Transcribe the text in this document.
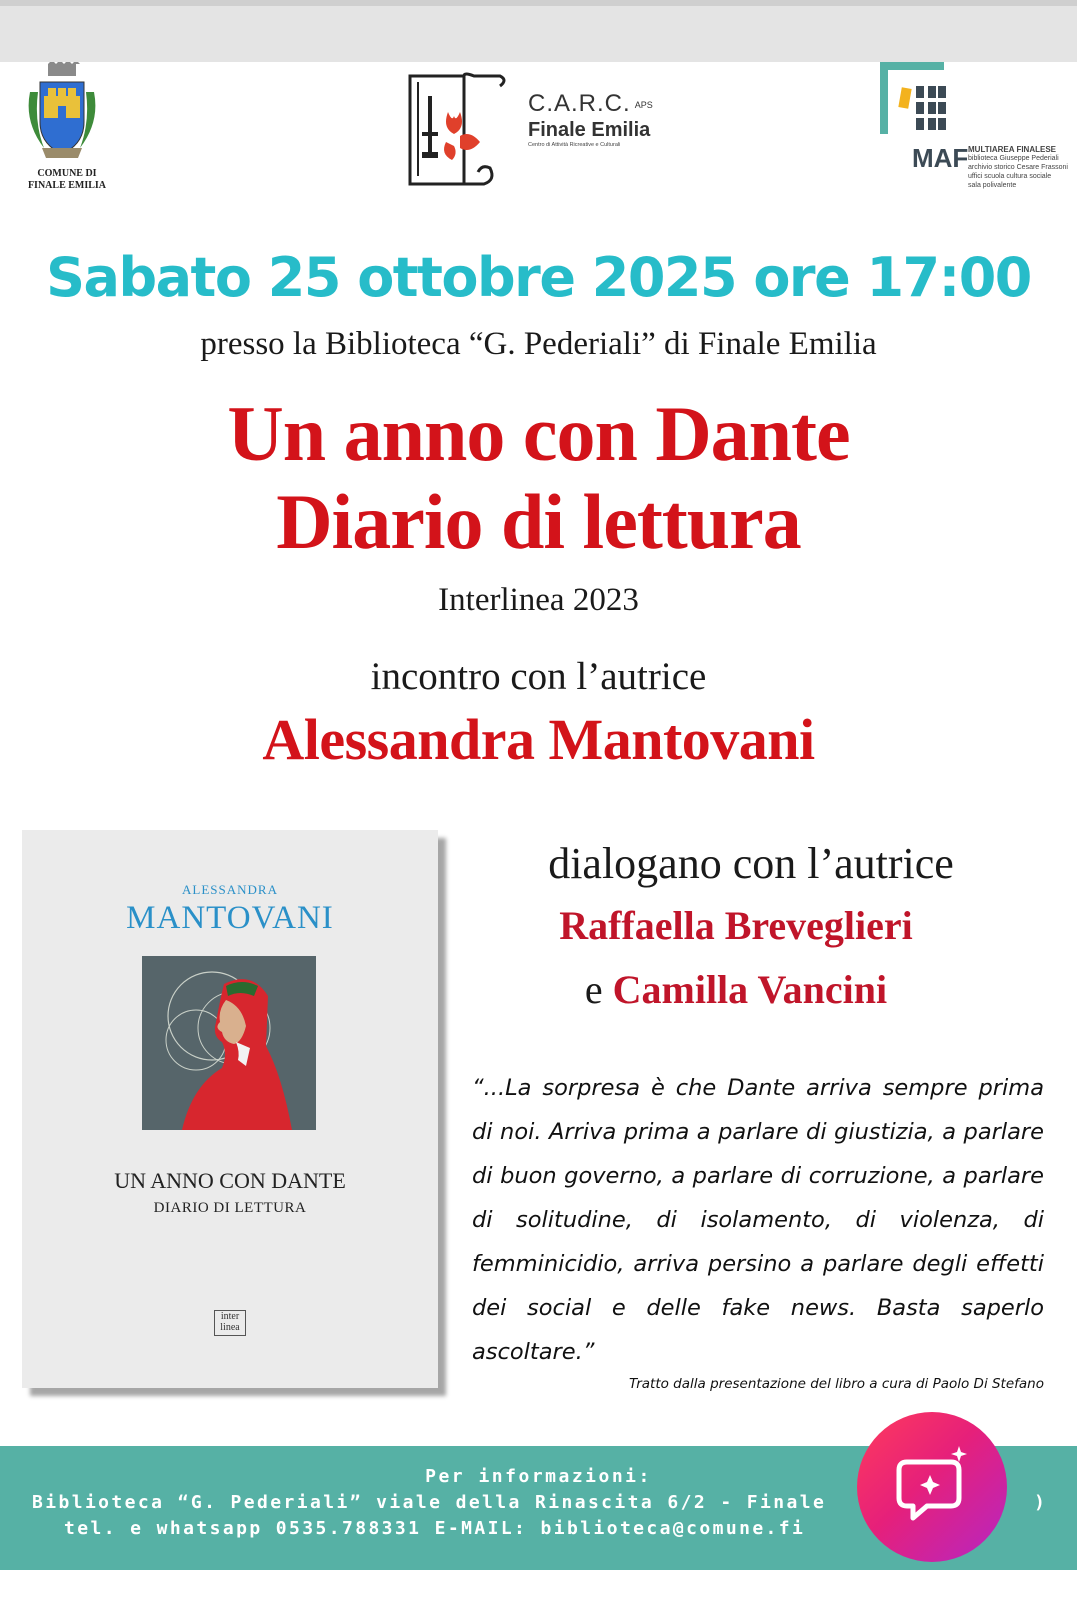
COMUNE DI
FINALE EMILIA
C.A.R.C. APS
Finale Emilia
Centro di Attività Ricreative e Culturali	MAF MULTIAREA FINALESE
biblioteca Giuseppe Pederiali
archivio storico Cesare Frassoni
uffici scuola cultura sociale
sala polivalente
Sabato 25 ottobre 2025 ore 17:00
presso la Biblioteca “G. Pederiali” di Finale Emilia
Un anno con Dante
Diario di lettura
Interlinea 2023
incontro con l’autrice
Alessandra Mantovani
ALESSANDRA
MANTOVANI
UN ANNO CON DANTE
DIARIO DI LETTURA
inter
linea
dialogano con l’autrice
Raffaella Breveglieri
e Camilla Vancini
“...La sorpresa è che Dante arriva sempre prima di noi. Arriva prima a parlare di giustizia, a parlare di buon governo, a parlare di corruzione, a parlare di solitudine, di isolamento, di violenza, di femminicidio, arriva persino a parlare degli effetti dei social e delle fake news. Basta saperlo ascoltare.”
Tratto dalla presentazione del libro a cura di Paolo Di Stefano
Per informazioni:
Biblioteca “G. Pederiali” viale della Rinascita 6/2 - Finale	)
tel. e whatsapp 0535.788331 E-MAIL: biblioteca@comune.fi
